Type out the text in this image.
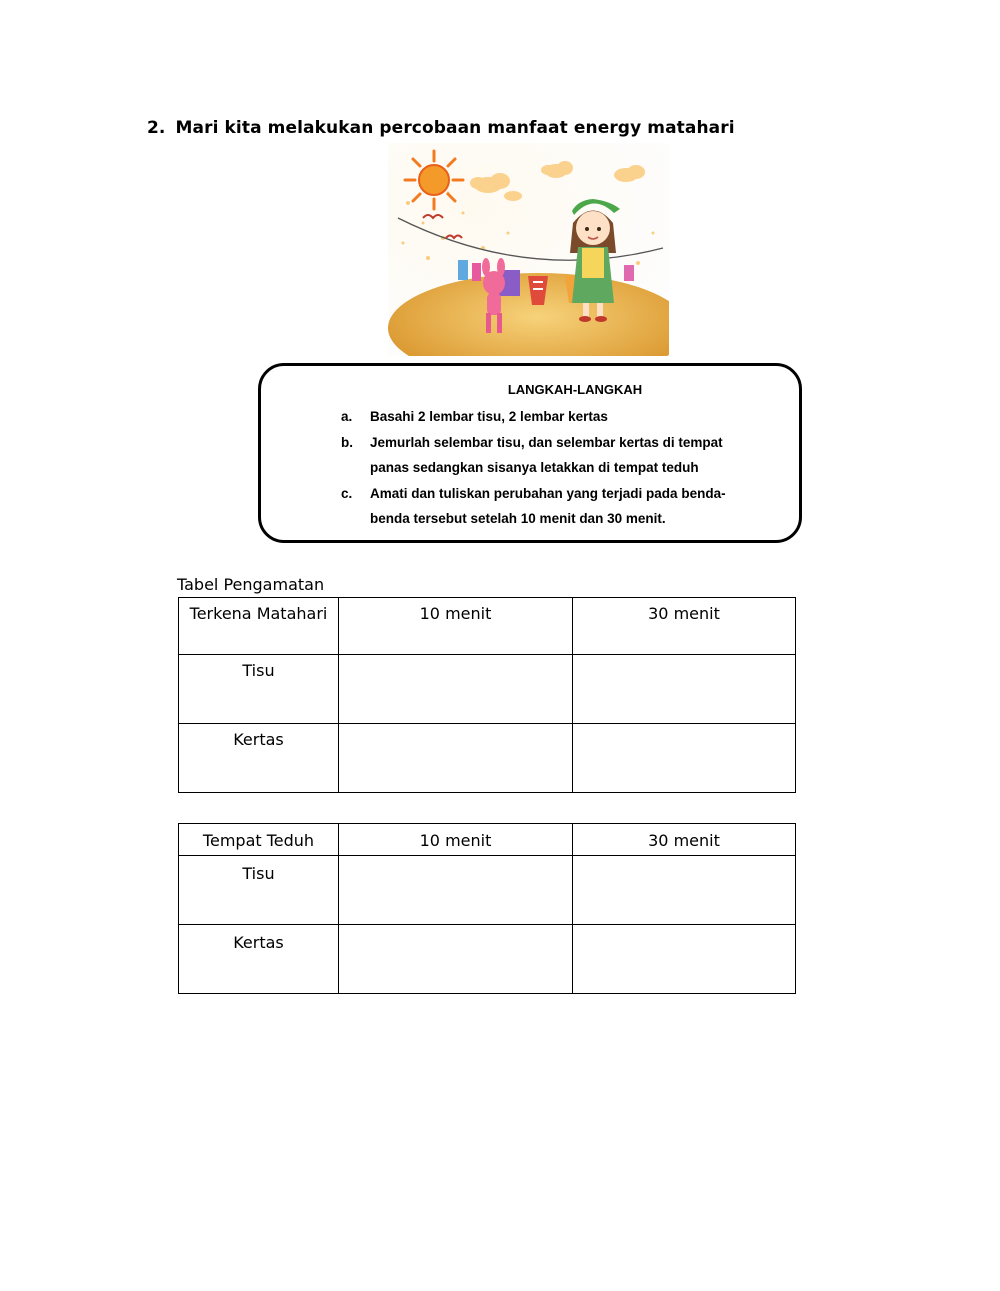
2. Mari kita melakukan percobaan manfaat energy matahari
LANGKAH-LANGKAH
a.	Basahi 2 lembar tisu, 2 lembar kertas
b.	Jemurlah selembar tisu, dan selembar kertas di tempat panas sedangkan sisanya letakkan di tempat teduh
c.	Amati dan tuliskan perubahan yang terjadi pada benda-benda tersebut setelah 10 menit dan 30 menit.
Tabel Pengamatan
Terkena Matahari	10 menit	30 menit
Tisu		
Kertas		
Tempat Teduh	10 menit	30 menit
Tisu		
Kertas		
